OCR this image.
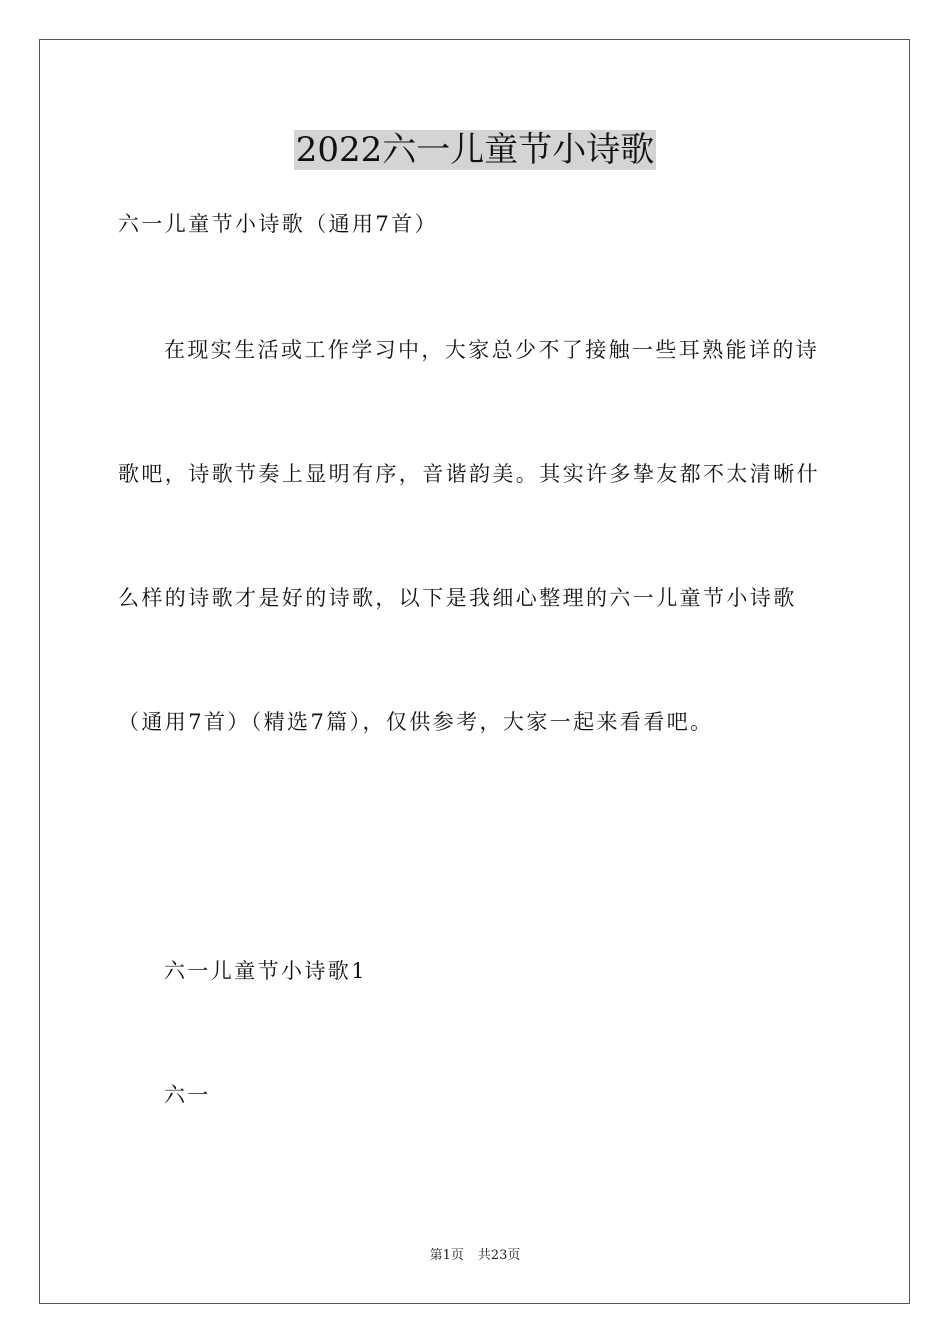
2022六一儿童节小诗歌

六一儿童节小诗歌（通用7首）

在现实生活或工作学习中，大家总少不了接触一些耳熟能详的诗

歌吧，诗歌节奏上显明有序，音谐韵美。其实许多挚友都不太清晰什

么样的诗歌才是好的诗歌，以下是我细心整理的六一儿童节小诗歌

（通用7首）（精选7篇），仅供参考，大家一起来看看吧。

六一儿童节小诗歌1

六一

第1页 共23页
